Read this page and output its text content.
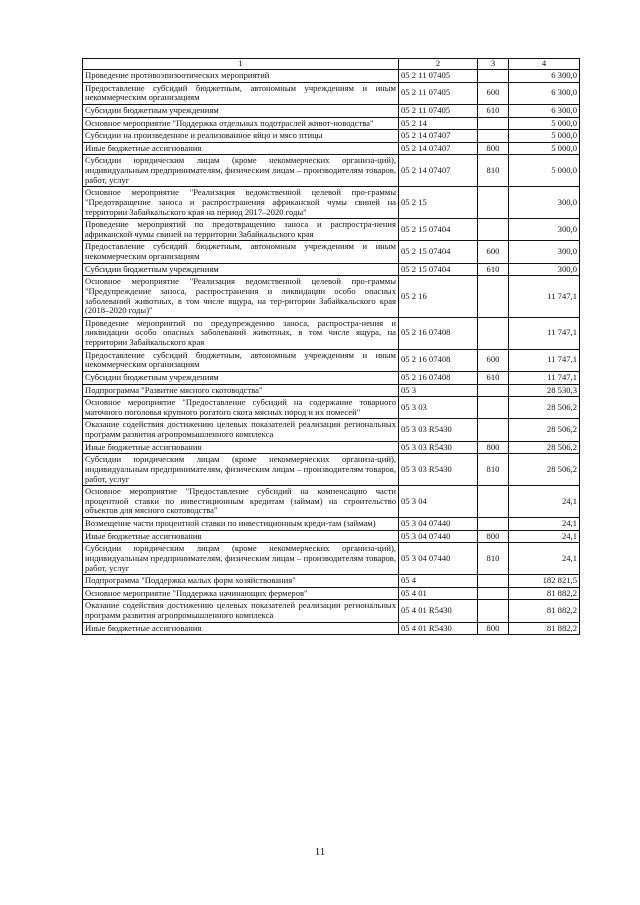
1	2	3	4
Проведение противоэпизоотических мероприятий	05 2 11 07405		6 300,0
Предоставление субсидий бюджетным, автономным учреждениям и иным некоммерческим организациям	05 2 11 07405	600	6 300,0
Субсидии бюджетным учреждениям	05 2 11 07405	610	6 300,0
Основное мероприятие "Поддержка отдельных подотраслей живот-новодства"	05 2 14		5 000,0
Субсидии на произведенное и реализованное яйцо и мясо птицы	05 2 14 07407		5 000,0
Иные бюджетные ассигнования	05 2 14 07407	800	5 000,0
Субсидии юридическим лицам (кроме некоммерческих организа-ций), индивидуальным предпринимателям, физическим лицам – производителям товаров, работ, услуг	05 2 14 07407	810	5 000,0
Основное мероприятие "Реализация ведомственной целевой про-граммы "Предотвращение заноса и распространения африканской чумы свиней на территории Забайкальского края на период 2017–2020 годы"	05 2 15		300,0
Проведение мероприятий по предотвращению заноса и распростра-нения африканской чумы свиней на территории Забайкальского края	05 2 15 07404		300,0
Предоставление субсидий бюджетным, автономным учреждениям и иным некоммерческим организациям	05 2 15 07404	600	300,0
Субсидии бюджетным учреждениям	05 2 15 07404	610	300,0
Основное мероприятие "Реализация ведомственной целевой про-граммы "Предупреждение заноса, распространения и ликвидации особо опасных заболеваний животных, в том числе ящура, на тер-ритории Забайкальского края (2018–2020 годы)"	05 2 16		11 747,1
Проведение мероприятий по предупреждению заноса, распростра-нения и ликвидации особо опасных заболеваний животных, в том числе ящура, на территории Забайкальского края	05 2 16 07408		11 747,1
Предоставление субсидий бюджетным, автономным учреждениям и иным некоммерческим организациям	05 2 16 07408	600	11 747,1
Субсидии бюджетным учреждениям	05 2 16 07408	610	11 747,1
Подпрограмма "Развитие мясного скотоводства"	05 3		28 530,3
Основное мероприятие "Предоставление субсидий на содержание товарного маточного поголовья крупного рогатого скота мясных пород и их помесей"	05 3 03		28 506,2
Оказание содействия достижению целевых показателей реализации региональных программ развития агропромышленного комплекса	05 3 03 R5430		28 506,2
Иные бюджетные ассигнования	05 3 03 R5430	800	28 506,2
Субсидии юридическим лицам (кроме некоммерческих организа-ций), индивидуальным предпринимателям, физическим лицам – производителям товаров, работ, услуг	05 3 03 R5430	810	28 506,2
Основное мероприятие "Предоставление субсидий на компенсацию части процентной ставки по инвестиционным кредитам (займам) на строительство объектов для мясного скотоводства"	05 3 04		24,1
Возмещение части процентной ставки по инвестиционным креди-там (займам)	05 3 04 07440		24,1
Иные бюджетные ассигнования	05 3 04 07440	800	24,1
Субсидии юридическим лицам (кроме некоммерческих организа-ций), индивидуальным предпринимателям, физическим лицам – производителям товаров, работ, услуг	05 3 04 07440	810	24,1
Подпрограмма "Поддержка малых форм хозяйствования"	05 4		182 821,5
Основное мероприятие "Поддержка начинающих фермеров"	05 4 01		81 882,2
Оказание содействия достижению целевых показателей реализации региональных программ развития агропромышленного комплекса	05 4 01 R5430		81 882,2
Иные бюджетные ассигнования	05 4 01 R5430	800	81 882,2
11
